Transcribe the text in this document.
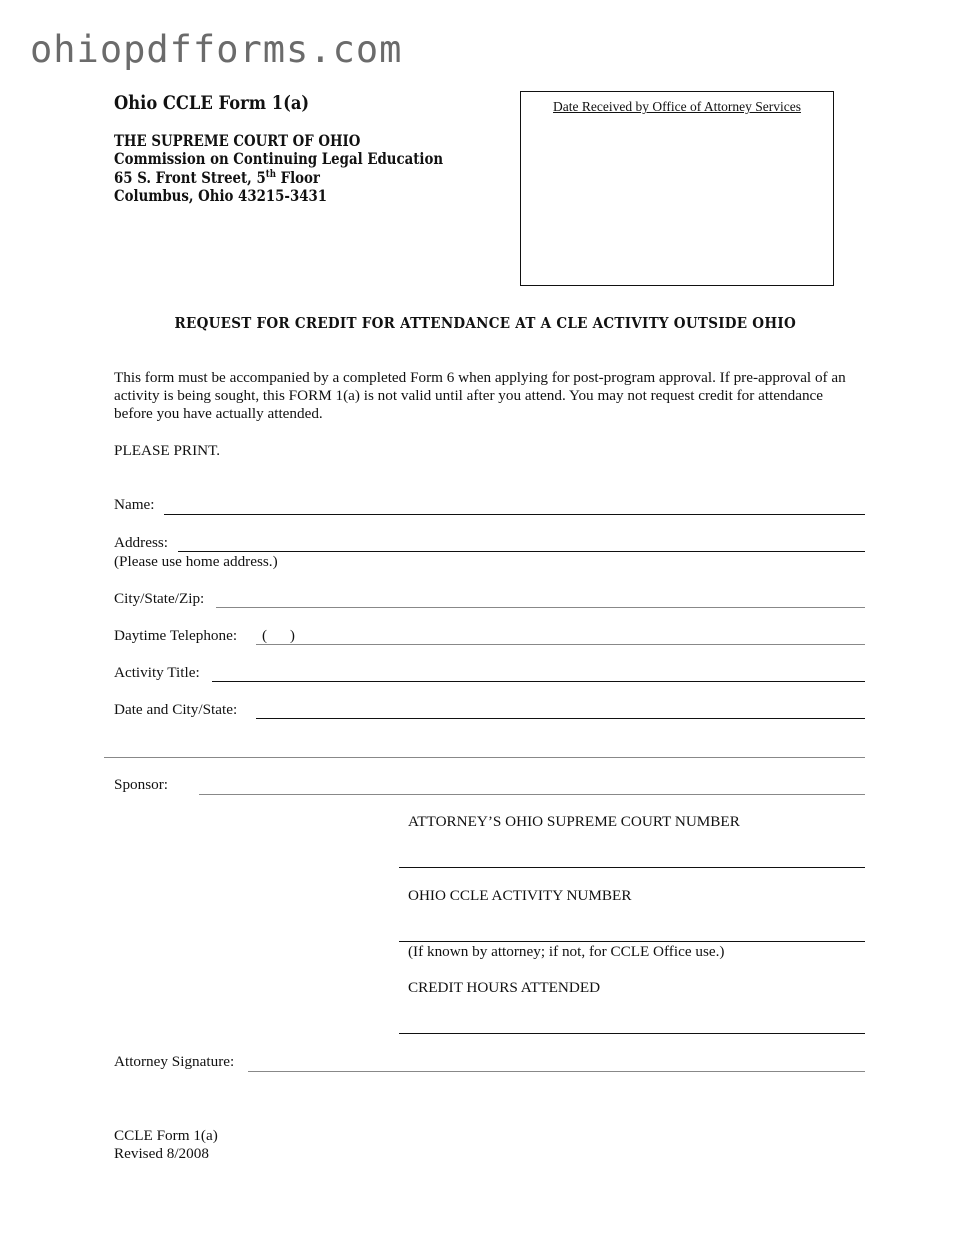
ohiopdfforms.com
Ohio CCLE Form 1(a)
THE SUPREME COURT OF OHIO
Commission on Continuing Legal Education
65 S. Front Street, 5th Floor
Columbus, Ohio 43215-3431
Date Received by Office of Attorney Services
REQUEST FOR CREDIT FOR ATTENDANCE AT A CLE ACTIVITY OUTSIDE OHIO
This form must be accompanied by a completed Form 6 when applying for post-program approval. If pre-approval of an activity is being sought, this FORM 1(a) is not valid until after you attend. You may not request credit for attendance before you have actually attended.
PLEASE PRINT.
Name:
Address:
(Please use home address.)
City/State/Zip:
Daytime Telephone: (      )
Activity Title:
Date and City/State:
Sponsor:
ATTORNEY’S OHIO SUPREME COURT NUMBER
OHIO CCLE ACTIVITY NUMBER
(If known by attorney; if not, for CCLE Office use.)
CREDIT HOURS ATTENDED
Attorney Signature:
CCLE Form 1(a)
Revised 8/2008
